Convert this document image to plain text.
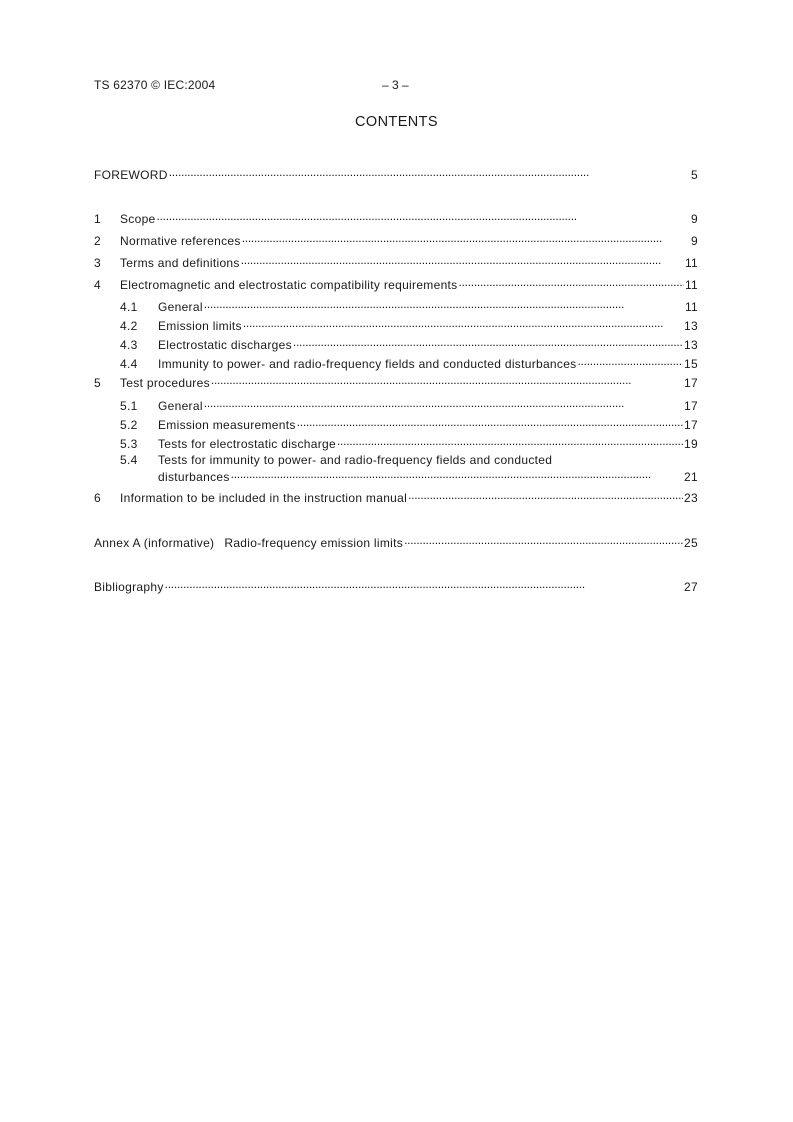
TS 62370 © IEC:2004	– 3 –
CONTENTS
FOREWORD . . .	5
1	Scope . . .	9
2	Normative references . . .	9
3	Terms and definitions . . .	11
4	Electromagnetic and electrostatic compatibility requirements . . .	11
4.1	General . . .	11
4.2	Emission limits . . .	13
4.3	Electrostatic discharges . . .	13
4.4	Immunity to power- and radio-frequency fields and conducted disturbances . . .	15
5	Test procedures . . .	17
5.1	General . . .	17
5.2	Emission measurements . . .	17
5.3	Tests for electrostatic discharge . . .	19
5.4	Tests for immunity to power- and radio-frequency fields and conducted
disturbances . . .	21
6	Information to be included in the instruction manual . . .	23
Annex A (informative) Radio-frequency emission limits . . .	25
Bibliography . . .	27
